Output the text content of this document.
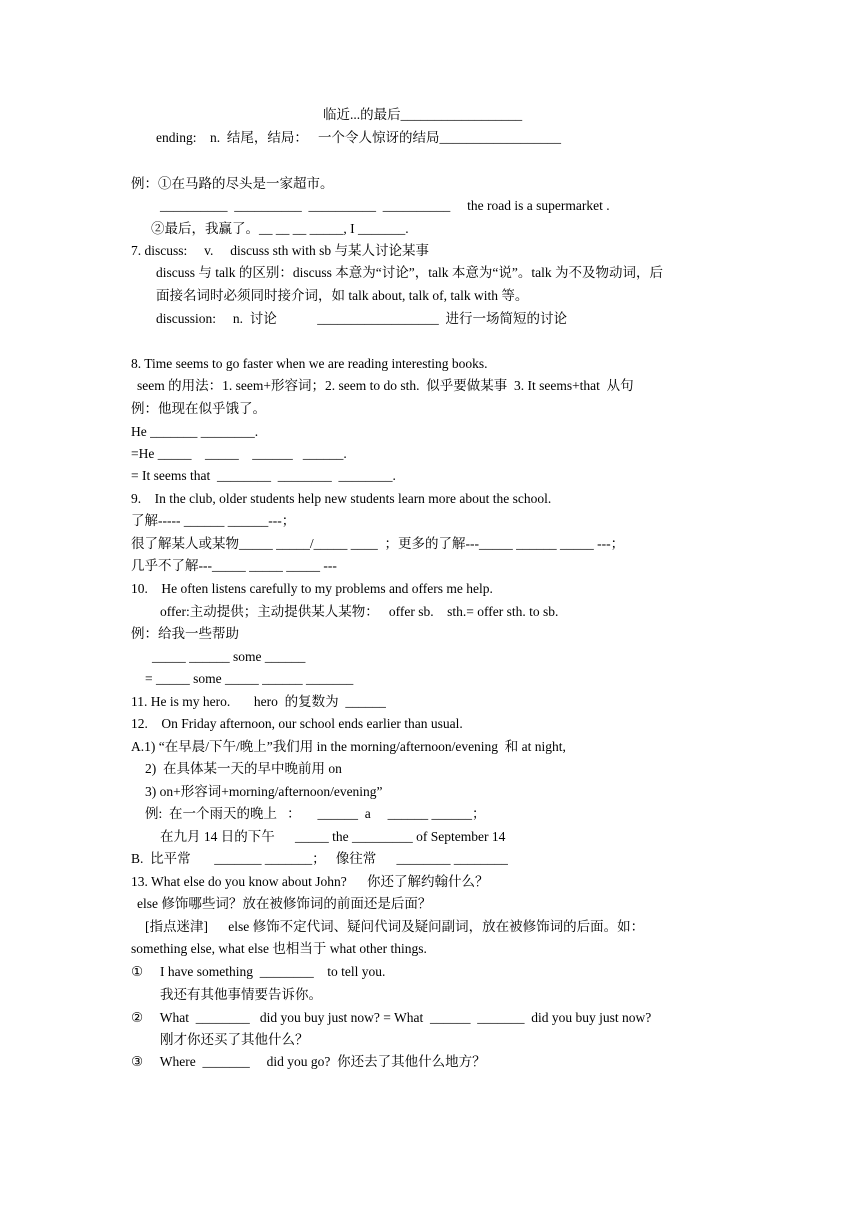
临近...的最后__________________
ending:    n.  结尾，结局：   一个令人惊讶的结局__________________
例：①在马路的尽头是一家超市。
__________  __________  __________  __________     the road is a supermarket .
②最后，我赢了。__ __ __ _____, I _______.
7. discuss:     v.     discuss sth with sb 与某人讨论某事
discuss 与 talk 的区别：discuss 本意为“讨论”，talk 本意为“说”。talk 为不及物动词，后
面接名词时必须同时接介词，如 talk about, talk of, talk with 等。
discussion:     n.  讨论            __________________  进行一场简短的讨论
8. Time seems to go faster when we are reading interesting books.
seem 的用法：1. seem+形容词；2. seem to do sth.  似乎要做某事  3. It seems+that  从句
例：他现在似乎饿了。
He _______ ________.
=He _____    _____    ______   ______.
= It seems that  ________  ________  ________.
9.    In the club, older students help new students learn more about the school.
了解----- ______ ______---；
很了解某人或某物_____ _____/_____ ____  ；更多的了解---_____ ______ _____ ---；
几乎不了解---_____ _____ _____ ---
10.    He often listens carefully to my problems and offers me help.
offer:主动提供；主动提供某人某物：   offer sb.    sth.= offer sth. to sb.
例：给我一些帮助
_____ ______ some ______
= _____ some _____ ______ _______
11. He is my hero.       hero  的复数为  ______
12.    On Friday afternoon, our school ends earlier than usual.
A.1) “在早晨/下午/晚上”我们用 in the morning/afternoon/evening  和 at night,
2)  在具体某一天的早中晚前用 on
3) on+形容词+morning/afternoon/evening”
例:  在一个雨天的晚上   ：     ______  a     ______ ______；
在九月 14 日的下午      _____ the _________ of September 14
B.  比平常       _______ _______；   像往常      ________ ________
13. What else do you know about John?      你还了解约翰什么？
else 修饰哪些词？放在被修饰词的前面还是后面？
[指点迷津]      else 修饰不定代词、疑问代词及疑问副词，放在被修饰词的后面。如：
something else, what else 也相当于 what other things.
①     I have something  ________    to tell you.
我还有其他事情要告诉你。
②     What  ________   did you buy just now? = What  ______  _______  did you buy just now?
刚才你还买了其他什么？
③     Where  _______     did you go?  你还去了其他什么地方？
